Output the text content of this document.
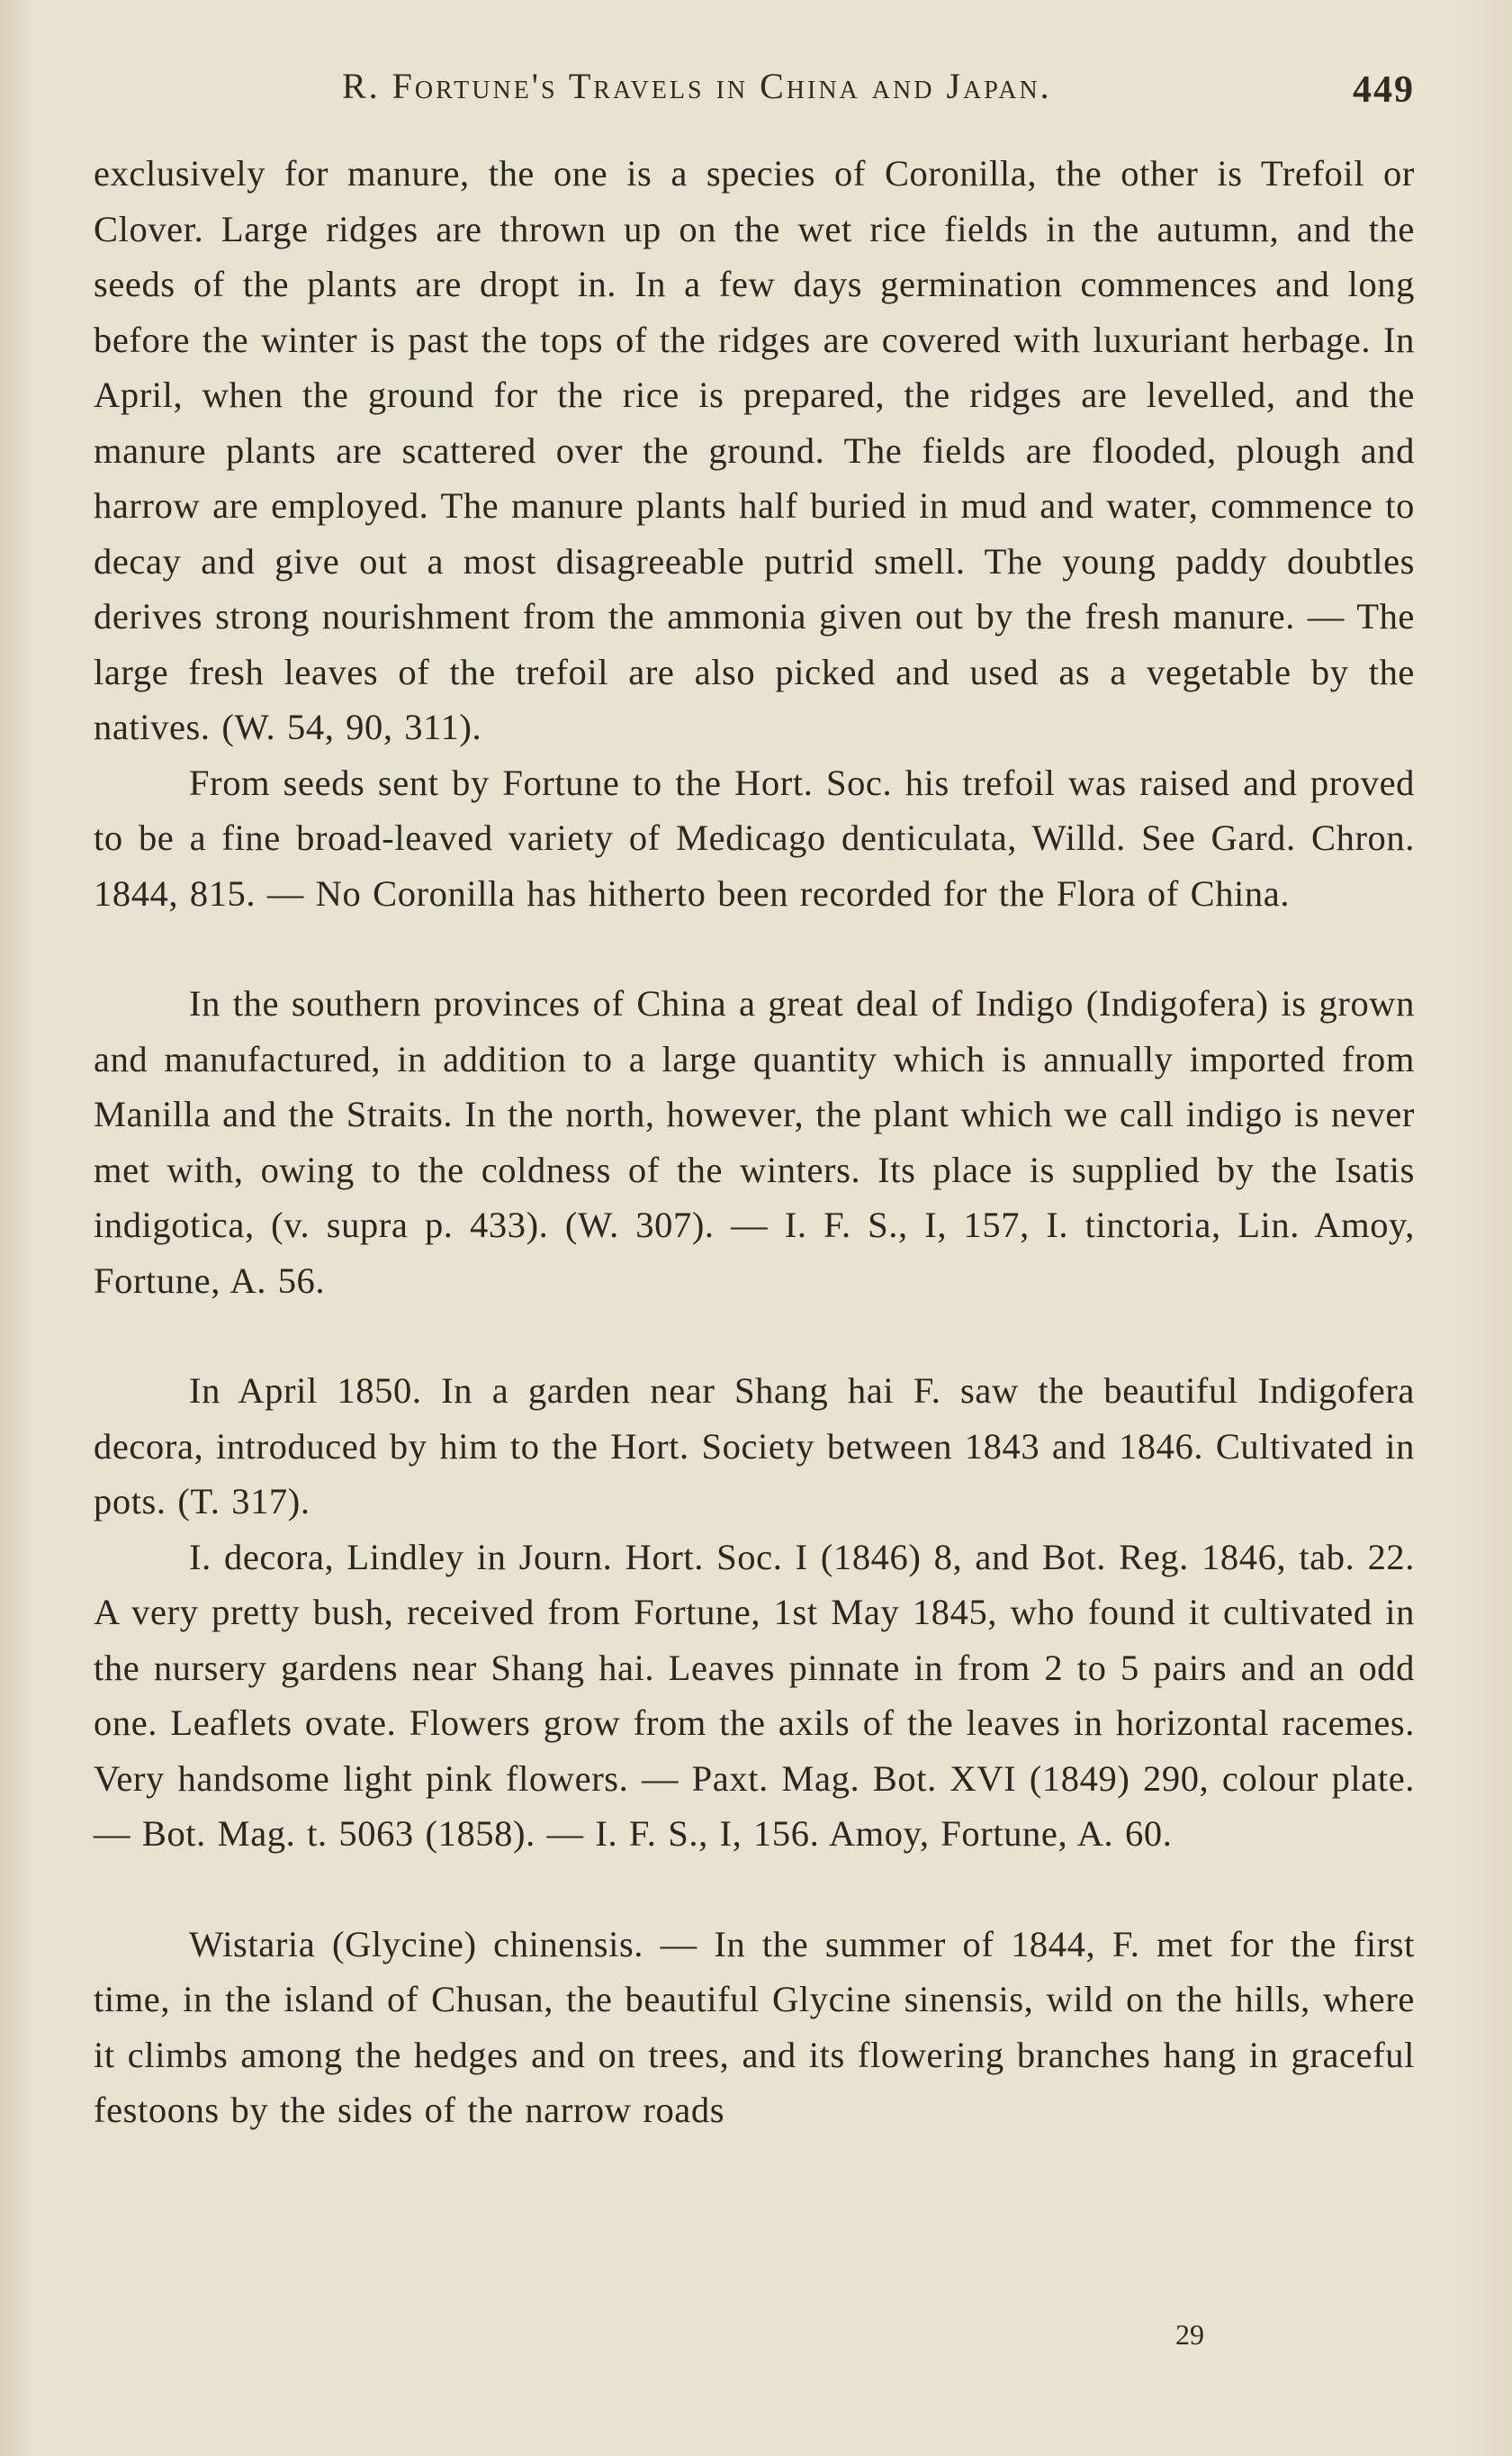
R. Fortune's Travels in China and Japan.	449

exclusively for manure, the one is a species of Coronilla, the other is Trefoil or Clover. Large ridges are thrown up on the wet rice fields in the autumn, and the seeds of the plants are dropt in. In a few days germination commences and long before the winter is past the tops of the ridges are covered with luxuriant herbage. In April, when the ground for the rice is prepared, the ridges are levelled, and the manure plants are scattered over the ground. The fields are flooded, plough and harrow are employed. The manure plants half buried in mud and water, commence to decay and give out a most disagreeable putrid smell. The young paddy doubtles derives strong nourishment from the ammonia given out by the fresh manure. — The large fresh leaves of the trefoil are also picked and used as a vegetable by the natives. (W. 54, 90, 311).

From seeds sent by Fortune to the Hort. Soc. his trefoil was raised and proved to be a fine broad-leaved variety of Medicago denticulata, Willd. See Gard. Chron. 1844, 815. — No Coronilla has hitherto been recorded for the Flora of China.

In the southern provinces of China a great deal of Indigo (Indigofera) is grown and manufactured, in addition to a large quantity which is annually imported from Manilla and the Straits. In the north, however, the plant which we call indigo is never met with, owing to the coldness of the winters. Its place is supplied by the Isatis indigotica, (v. supra p. 433). (W. 307). — I. F. S., I, 157, I. tinctoria, Lin. Amoy, Fortune, A. 56.

In April 1850. In a garden near Shang hai F. saw the beautiful Indigofera decora, introduced by him to the Hort. Society between 1843 and 1846. Cultivated in pots. (T. 317).

I. decora, Lindley in Journ. Hort. Soc. I (1846) 8, and Bot. Reg. 1846, tab. 22. A very pretty bush, received from Fortune, 1st May 1845, who found it cultivated in the nursery gardens near Shang hai. Leaves pinnate in from 2 to 5 pairs and an odd one. Leaflets ovate. Flowers grow from the axils of the leaves in horizontal racemes. Very handsome light pink flowers. — Paxt. Mag. Bot. XVI (1849) 290, colour plate. — Bot. Mag. t. 5063 (1858). — I. F. S., I, 156. Amoy, Fortune, A. 60.

Wistaria (Glycine) chinensis. — In the summer of 1844, F. met for the first time, in the island of Chusan, the beautiful Glycine sinensis, wild on the hills, where it climbs among the hedges and on trees, and its flowering branches hang in graceful festoons by the sides of the narrow roads

29
